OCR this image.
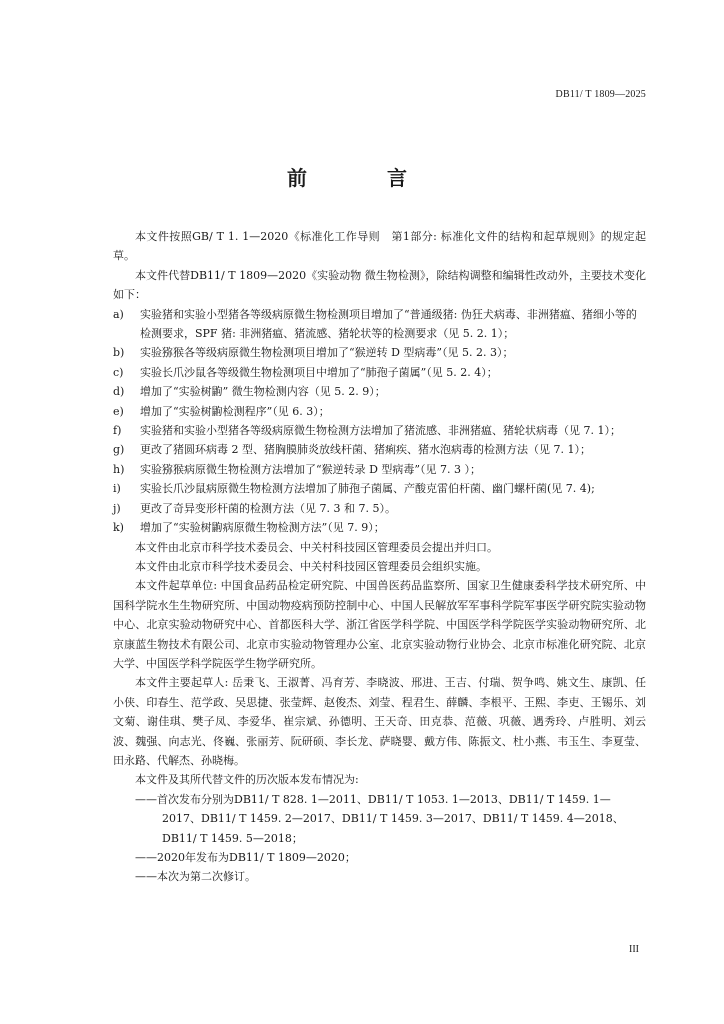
DB11/ T 1809—2025
前　言

本文件按照GB/ T 1. 1—2020《标准化工作导则　第1部分: 标准化文件的结构和起草规则》的规定起草。

本文件代替DB11/ T 1809—2020《实验动物 微生物检测》，除结构调整和编辑性改动外，主要技术变化如下：

a) 实验猪和实验小型猪各等级病原微生物检测项目增加了“普通级猪: 伪狂犬病毒、非洲猪瘟、猪细小等的检测要求，SPF 猪: 非洲猪瘟、猪流感、猪轮状等的检测要求（见 5. 2. 1）；

b) 实验猕猴各等级病原微生物检测项目增加了“猴逆转 D 型病毒”（见 5. 2. 3）；

c) 实验长爪沙鼠各等级微生物检测项目中增加了“肺孢子菌属”（见 5. 2. 4）；

d) 增加了“实验树鼩” 微生物检测内容（见 5. 2. 9）；

e) 增加了“实验树鼩检测程序”（见 6. 3）；

f) 实验猪和实验小型猪各等级病原微生物检测方法增加了猪流感、非洲猪瘟、猪轮状病毒（见 7. 1）；

g) 更改了猪圆环病毒 2 型、猪胸膜肺炎放线杆菌、猪痢疾、猪水泡病毒的检测方法（见 7. 1）；

h) 实验猕猴病原微生物检测方法增加了“猴逆转录 D 型病毒”（见 7. 3 ）；

i) 实验长爪沙鼠病原微生物检测方法增加了肺孢子菌属、产酸克雷伯杆菌、幽门螺杆菌(见 7. 4);

j) 更改了奇异变形杆菌的检测方法（见 7. 3 和 7. 5）。

k) 增加了“实验树鼩病原微生物检测方法”（见 7. 9）；

本文件由北京市科学技术委员会、中关村科技园区管理委员会提出并归口。

本文件由北京市科学技术委员会、中关村科技园区管理委员会组织实施。

本文件起草单位: 中国食品药品检定研究院、中国兽医药品监察所、国家卫生健康委科学技术研究所、中国科学院水生生物研究所、中国动物疫病预防控制中心、中国人民解放军军事科学院军事医学研究院实验动物中心、北京实验动物研究中心、首都医科大学、浙江省医学科学院、中国医学科学院医学实验动物研究所、北京康蓝生物技术有限公司、北京市实验动物管理办公室、北京实验动物行业协会、北京市标准化研究院、北京大学、中国医学科学院医学生物学研究所。

本文件主要起草人: 岳秉飞、王淑菁、冯育芳、李晓波、邢进、王吉、付瑞、贺争鸣、姚文生、康凯、任小侠、印春生、范学政、吴思捷、张莹辉、赵俊杰、刘莹、程君生、薛麟、李根平、王熙、李吏、王锡乐、刘文菊、谢佳琪、樊子凤、李爱华、崔宗斌、孙德明、王天奇、田克恭、范薇、巩薇、遇秀玲、卢胜明、刘云波、魏强、向志光、佟巍、张丽芳、阮研硕、李长龙、萨晓婴、戴方伟、陈振文、杜小燕、韦玉生、李夏莹、田永路、代解杰、孙晓梅。

本文件及其所代替文件的历次版本发布情况为:

——首次发布分别为DB11/ T 828. 1—2011、DB11/ T 1053. 1—2013、DB11/ T 1459. 1—2017、DB11/ T 1459. 2—2017、DB11/ T 1459. 3—2017、DB11/ T 1459. 4—2018、DB11/ T 1459. 5—2018；

——2020年发布为DB11/ T 1809—2020；

——本次为第二次修订。

III
